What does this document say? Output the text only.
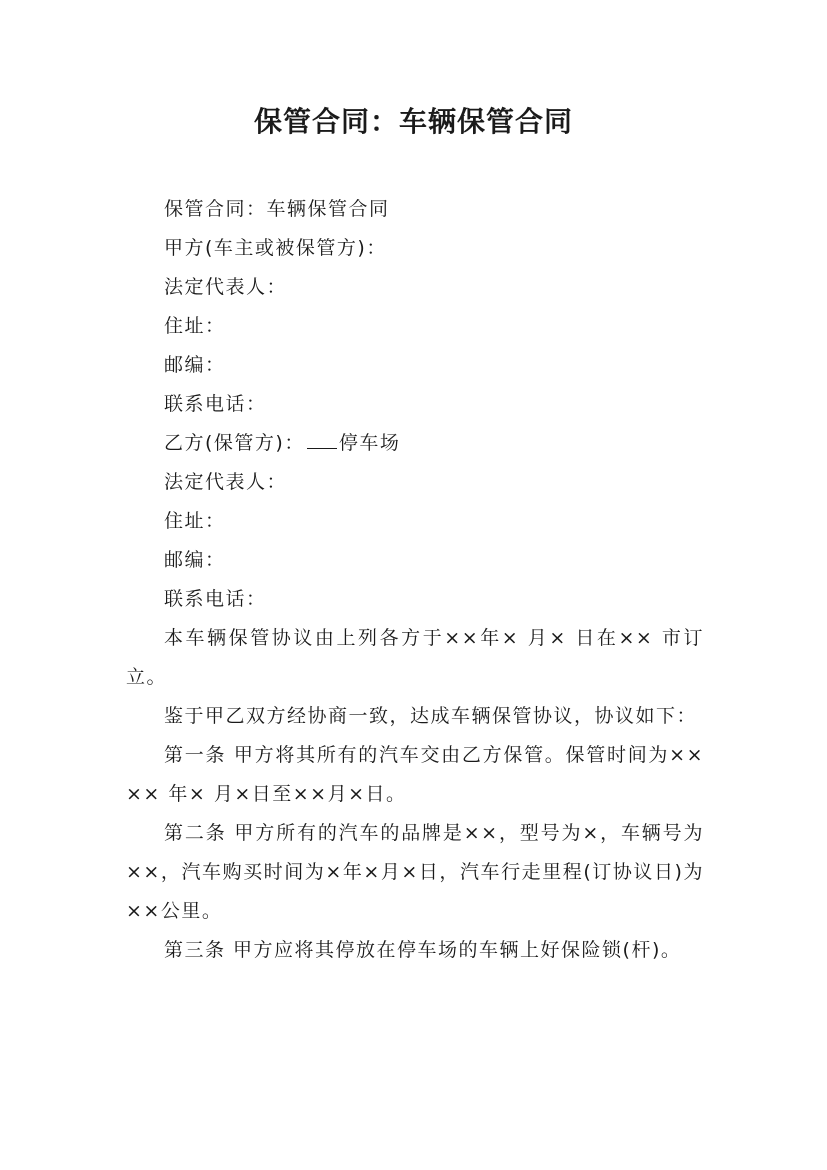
保管合同：车辆保管合同

保管合同：车辆保管合同

甲方(车主或被保管方)：

法定代表人：

住址：

邮编：

联系电话：

乙方(保管方)： 停车场

法定代表人：

住址：

邮编：

联系电话：

本车辆保管协议由上列各方于××年× 月× 日在×× 市订立。

鉴于甲乙双方经协商一致，达成车辆保管协议，协议如下：

第一条 甲方将其所有的汽车交由乙方保管。保管时间为×××× 年× 月×日至××月×日。

第二条 甲方所有的汽车的品牌是××，型号为×，车辆号为××，汽车购买时间为×年×月×日，汽车行走里程(订协议日)为××公里。

第三条 甲方应将其停放在停车场的车辆上好保险锁(杆)。
